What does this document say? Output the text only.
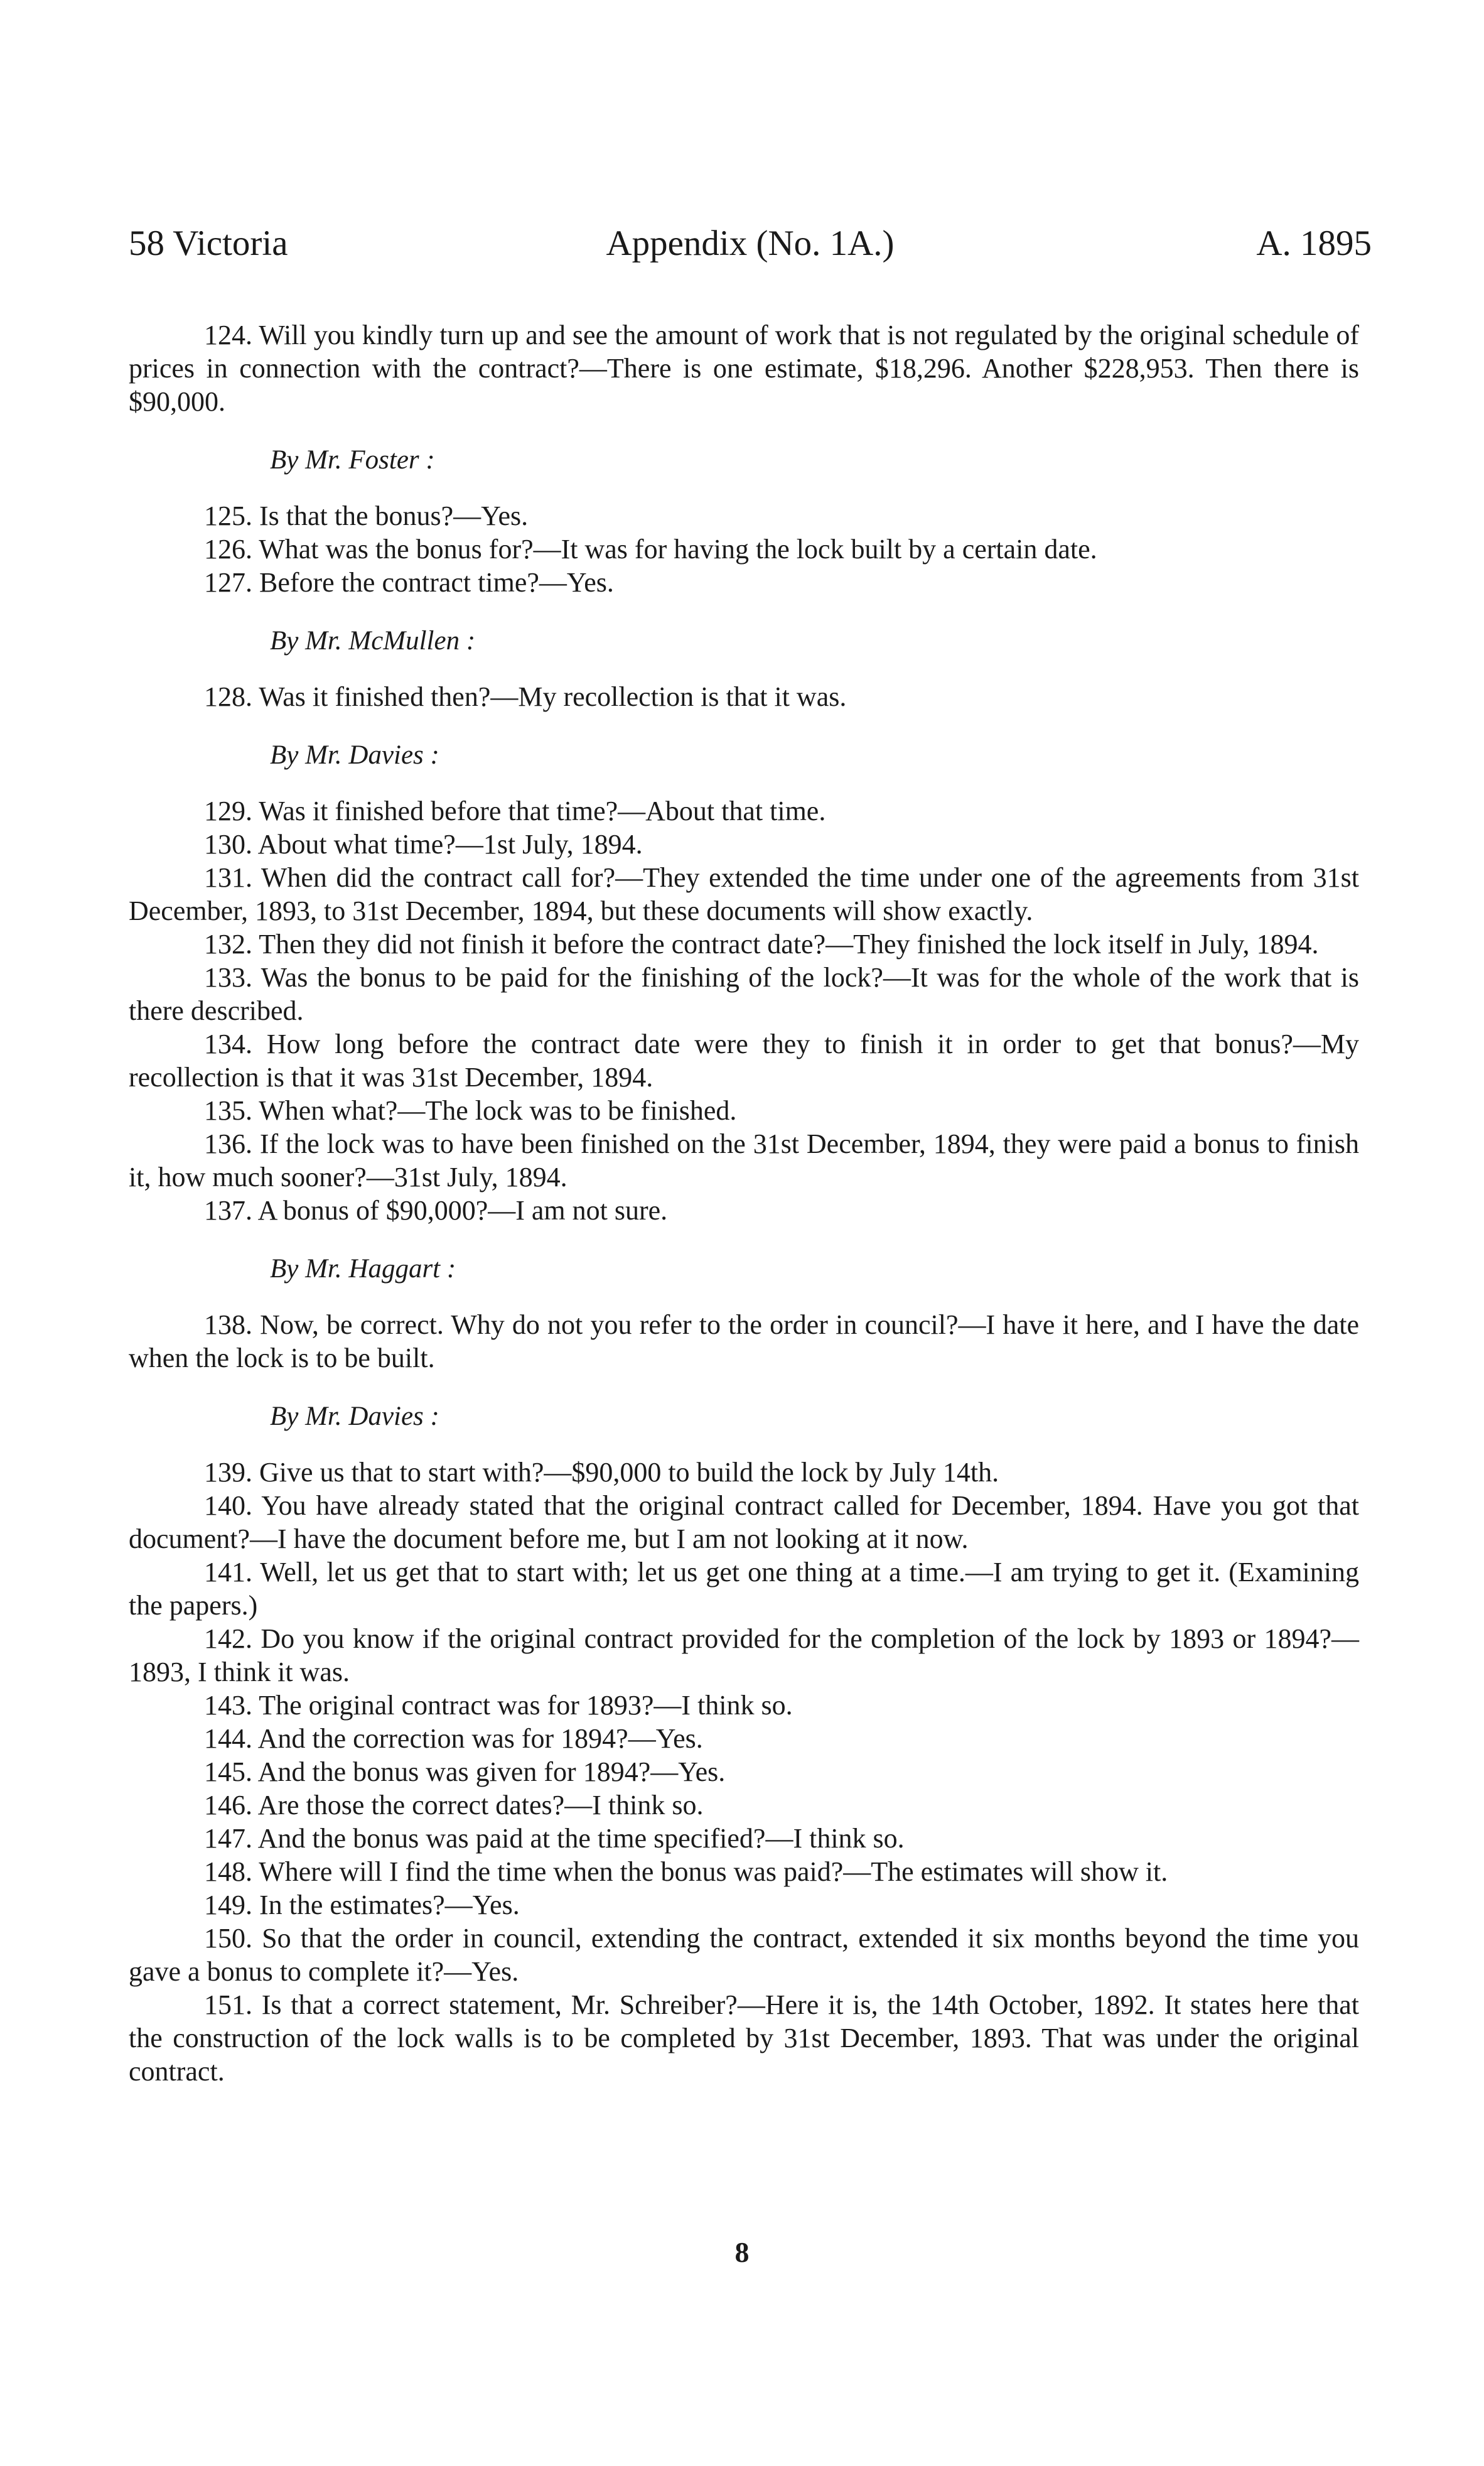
58 Victoria	Appendix (No. 1A.)	A. 1895

124. Will you kindly turn up and see the amount of work that is not regulated by the original schedule of prices in connection with the contract?—There is one estimate, $18,296. Another $228,953. Then there is $90,000.

By Mr. Foster :

125. Is that the bonus?—Yes.

126. What was the bonus for?—It was for having the lock built by a certain date.

127. Before the contract time?—Yes.

By Mr. McMullen :

128. Was it finished then?—My recollection is that it was.

By Mr. Davies :

129. Was it finished before that time?—About that time.

130. About what time?—1st July, 1894.

131. When did the contract call for?—They extended the time under one of the agreements from 31st December, 1893, to 31st December, 1894, but these documents will show exactly.

132. Then they did not finish it before the contract date?—They finished the lock itself in July, 1894.

133. Was the bonus to be paid for the finishing of the lock?—It was for the whole of the work that is there described.

134. How long before the contract date were they to finish it in order to get that bonus?—My recollection is that it was 31st December, 1894.

135. When what?—The lock was to be finished.

136. If the lock was to have been finished on the 31st December, 1894, they were paid a bonus to finish it, how much sooner?—31st July, 1894.

137. A bonus of $90,000?—I am not sure.

By Mr. Haggart :

138. Now, be correct. Why do not you refer to the order in council?—I have it here, and I have the date when the lock is to be built.

By Mr. Davies :

139. Give us that to start with?—$90,000 to build the lock by July 14th.

140. You have already stated that the original contract called for December, 1894. Have you got that document?—I have the document before me, but I am not looking at it now.

141. Well, let us get that to start with; let us get one thing at a time.—I am trying to get it. (Examining the papers.)

142. Do you know if the original contract provided for the completion of the lock by 1893 or 1894?—1893, I think it was.

143. The original contract was for 1893?—I think so.

144. And the correction was for 1894?—Yes.

145. And the bonus was given for 1894?—Yes.

146. Are those the correct dates?—I think so.

147. And the bonus was paid at the time specified?—I think so.

148. Where will I find the time when the bonus was paid?—The estimates will show it.

149. In the estimates?—Yes.

150. So that the order in council, extending the contract, extended it six months beyond the time you gave a bonus to complete it?—Yes.

151. Is that a correct statement, Mr. Schreiber?—Here it is, the 14th October, 1892. It states here that the construction of the lock walls is to be completed by 31st December, 1893. That was under the original contract.

8
